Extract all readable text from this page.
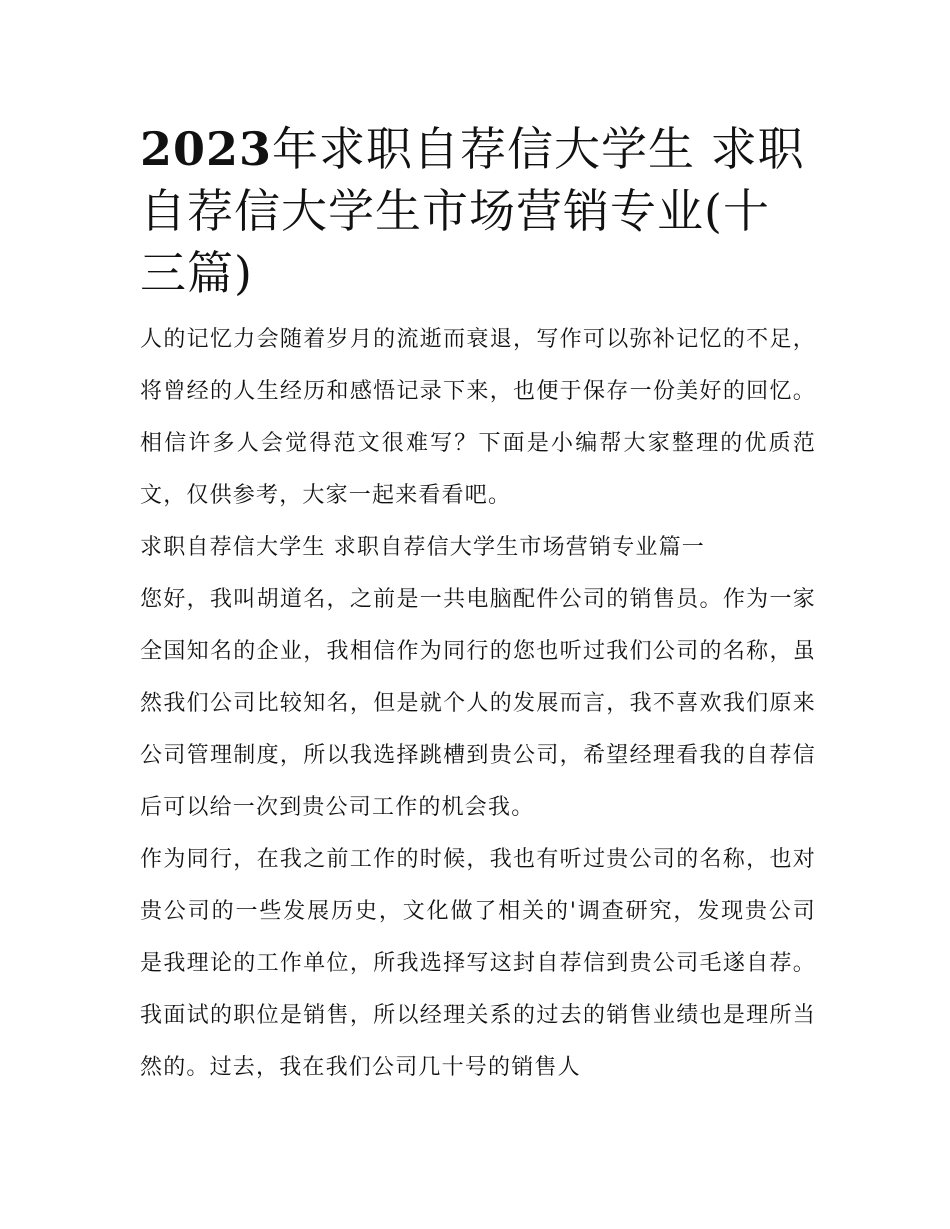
2023年求职自荐信大学生 求职自荐信大学生市场营销专业(十三篇)

人的记忆力会随着岁月的流逝而衰退，写作可以弥补记忆的不足，将曾经的人生经历和感悟记录下来，也便于保存一份美好的回忆。相信许多人会觉得范文很难写？下面是小编帮大家整理的优质范文，仅供参考，大家一起来看看吧。

求职自荐信大学生 求职自荐信大学生市场营销专业篇一

您好，我叫胡道名，之前是一共电脑配件公司的销售员。作为一家全国知名的企业，我相信作为同行的您也听过我们公司的名称，虽然我们公司比较知名，但是就个人的发展而言，我不喜欢我们原来公司管理制度，所以我选择跳槽到贵公司，希望经理看我的自荐信后可以给一次到贵公司工作的机会我。

作为同行，在我之前工作的时候，我也有听过贵公司的名称，也对贵公司的一些发展历史，文化做了相关的'调查研究，发现贵公司是我理论的工作单位，所我选择写这封自荐信到贵公司毛遂自荐。我面试的职位是销售，所以经理关系的过去的销售业绩也是理所当然的。过去，我在我们公司几十号的销售人
